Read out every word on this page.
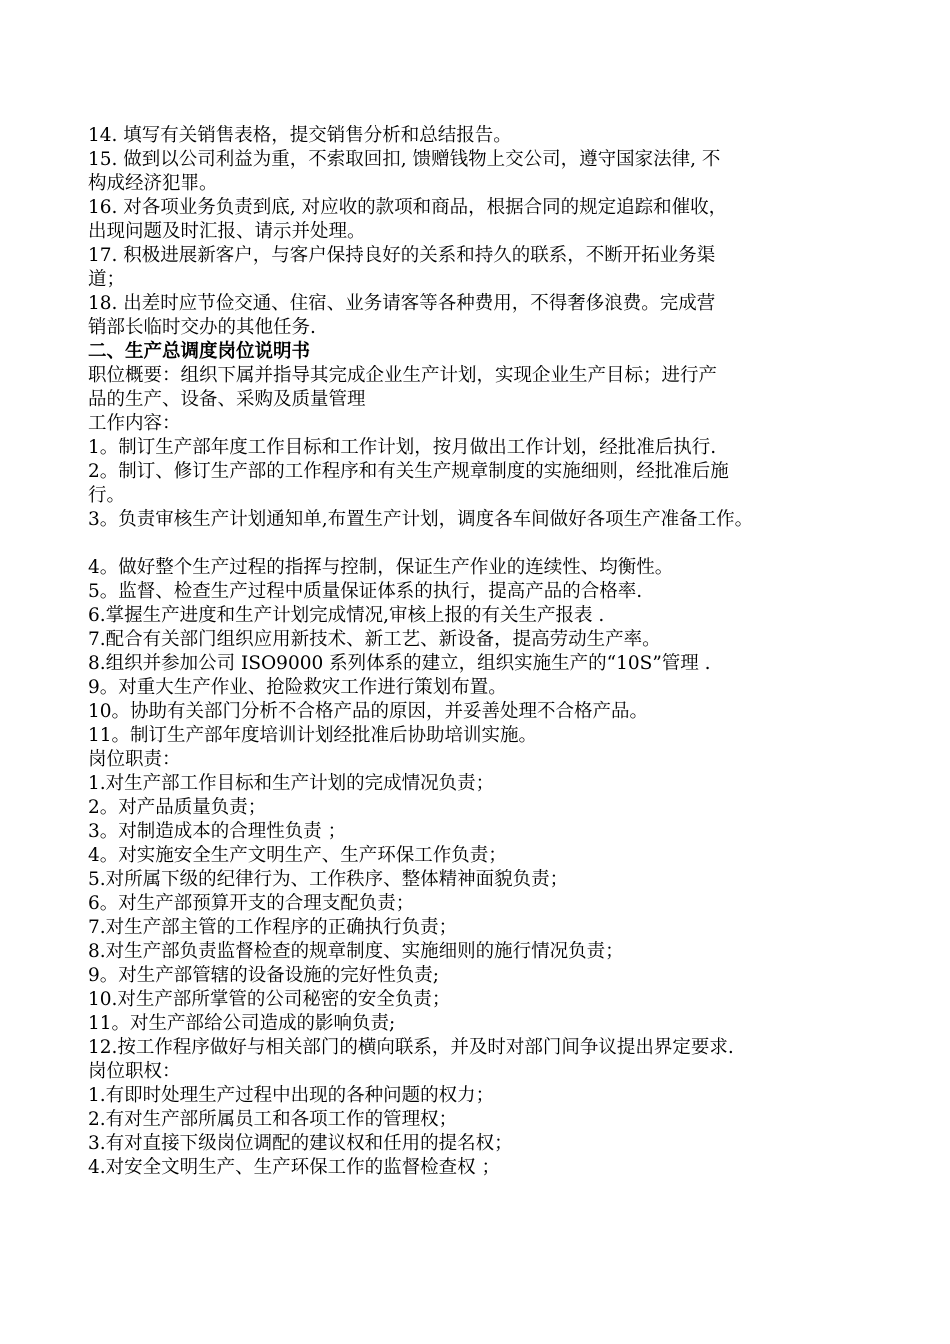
14. 填写有关销售表格，提交销售分析和总结报告。
15. 做到以公司利益为重，不索取回扣, 馈赠钱物上交公司，遵守国家法律, 不
构成经济犯罪。
16. 对各项业务负责到底, 对应收的款项和商品，根据合同的规定追踪和催收，
出现问题及时汇报、请示并处理。
17. 积极进展新客户，与客户保持良好的关系和持久的联系，不断开拓业务渠
道；
18. 出差时应节俭交通、住宿、业务请客等各种费用，不得奢侈浪费。完成营
销部长临时交办的其他任务.
二、生产总调度岗位说明书
职位概要：组织下属并指导其完成企业生产计划，实现企业生产目标；进行产
品的生产、设备、采购及质量管理
工作内容：
1。制订生产部年度工作目标和工作计划，按月做出工作计划，经批准后执行.
2。制订、修订生产部的工作程序和有关生产规章制度的实施细则，经批准后施
行。
3。负责审核生产计划通知单,布置生产计划，调度各车间做好各项生产准备工作。
4。做好整个生产过程的指挥与控制，保证生产作业的连续性、均衡性。
5。监督、检查生产过程中质量保证体系的执行，提高产品的合格率.
6.掌握生产进度和生产计划完成情况,审核上报的有关生产报表 .
7.配合有关部门组织应用新技术、新工艺、新设备，提高劳动生产率。
8.组织并参加公司 ISO9000 系列体系的建立，组织实施生产的“10S”管理 .
9。对重大生产作业、抢险救灾工作进行策划布置。
10。协助有关部门分析不合格产品的原因，并妥善处理不合格产品。
11。制订生产部年度培训计划经批准后协助培训实施。
岗位职责：
1.对生产部工作目标和生产计划的完成情况负责；
2。对产品质量负责；
3。对制造成本的合理性负责 ；
4。对实施安全生产文明生产、生产环保工作负责；
5.对所属下级的纪律行为、工作秩序、整体精神面貌负责；
6。对生产部预算开支的合理支配负责；
7.对生产部主管的工作程序的正确执行负责；
8.对生产部负责监督检查的规章制度、实施细则的施行情况负责；
9。对生产部管辖的设备设施的完好性负责;
10.对生产部所掌管的公司秘密的安全负责；
11。对生产部给公司造成的影响负责;
12.按工作程序做好与相关部门的横向联系，并及时对部门间争议提出界定要求.
岗位职权：
1.有即时处理生产过程中出现的各种问题的权力；
2.有对生产部所属员工和各项工作的管理权；
3.有对直接下级岗位调配的建议权和任用的提名权；
4.对安全文明生产、生产环保工作的监督检查权 ；
